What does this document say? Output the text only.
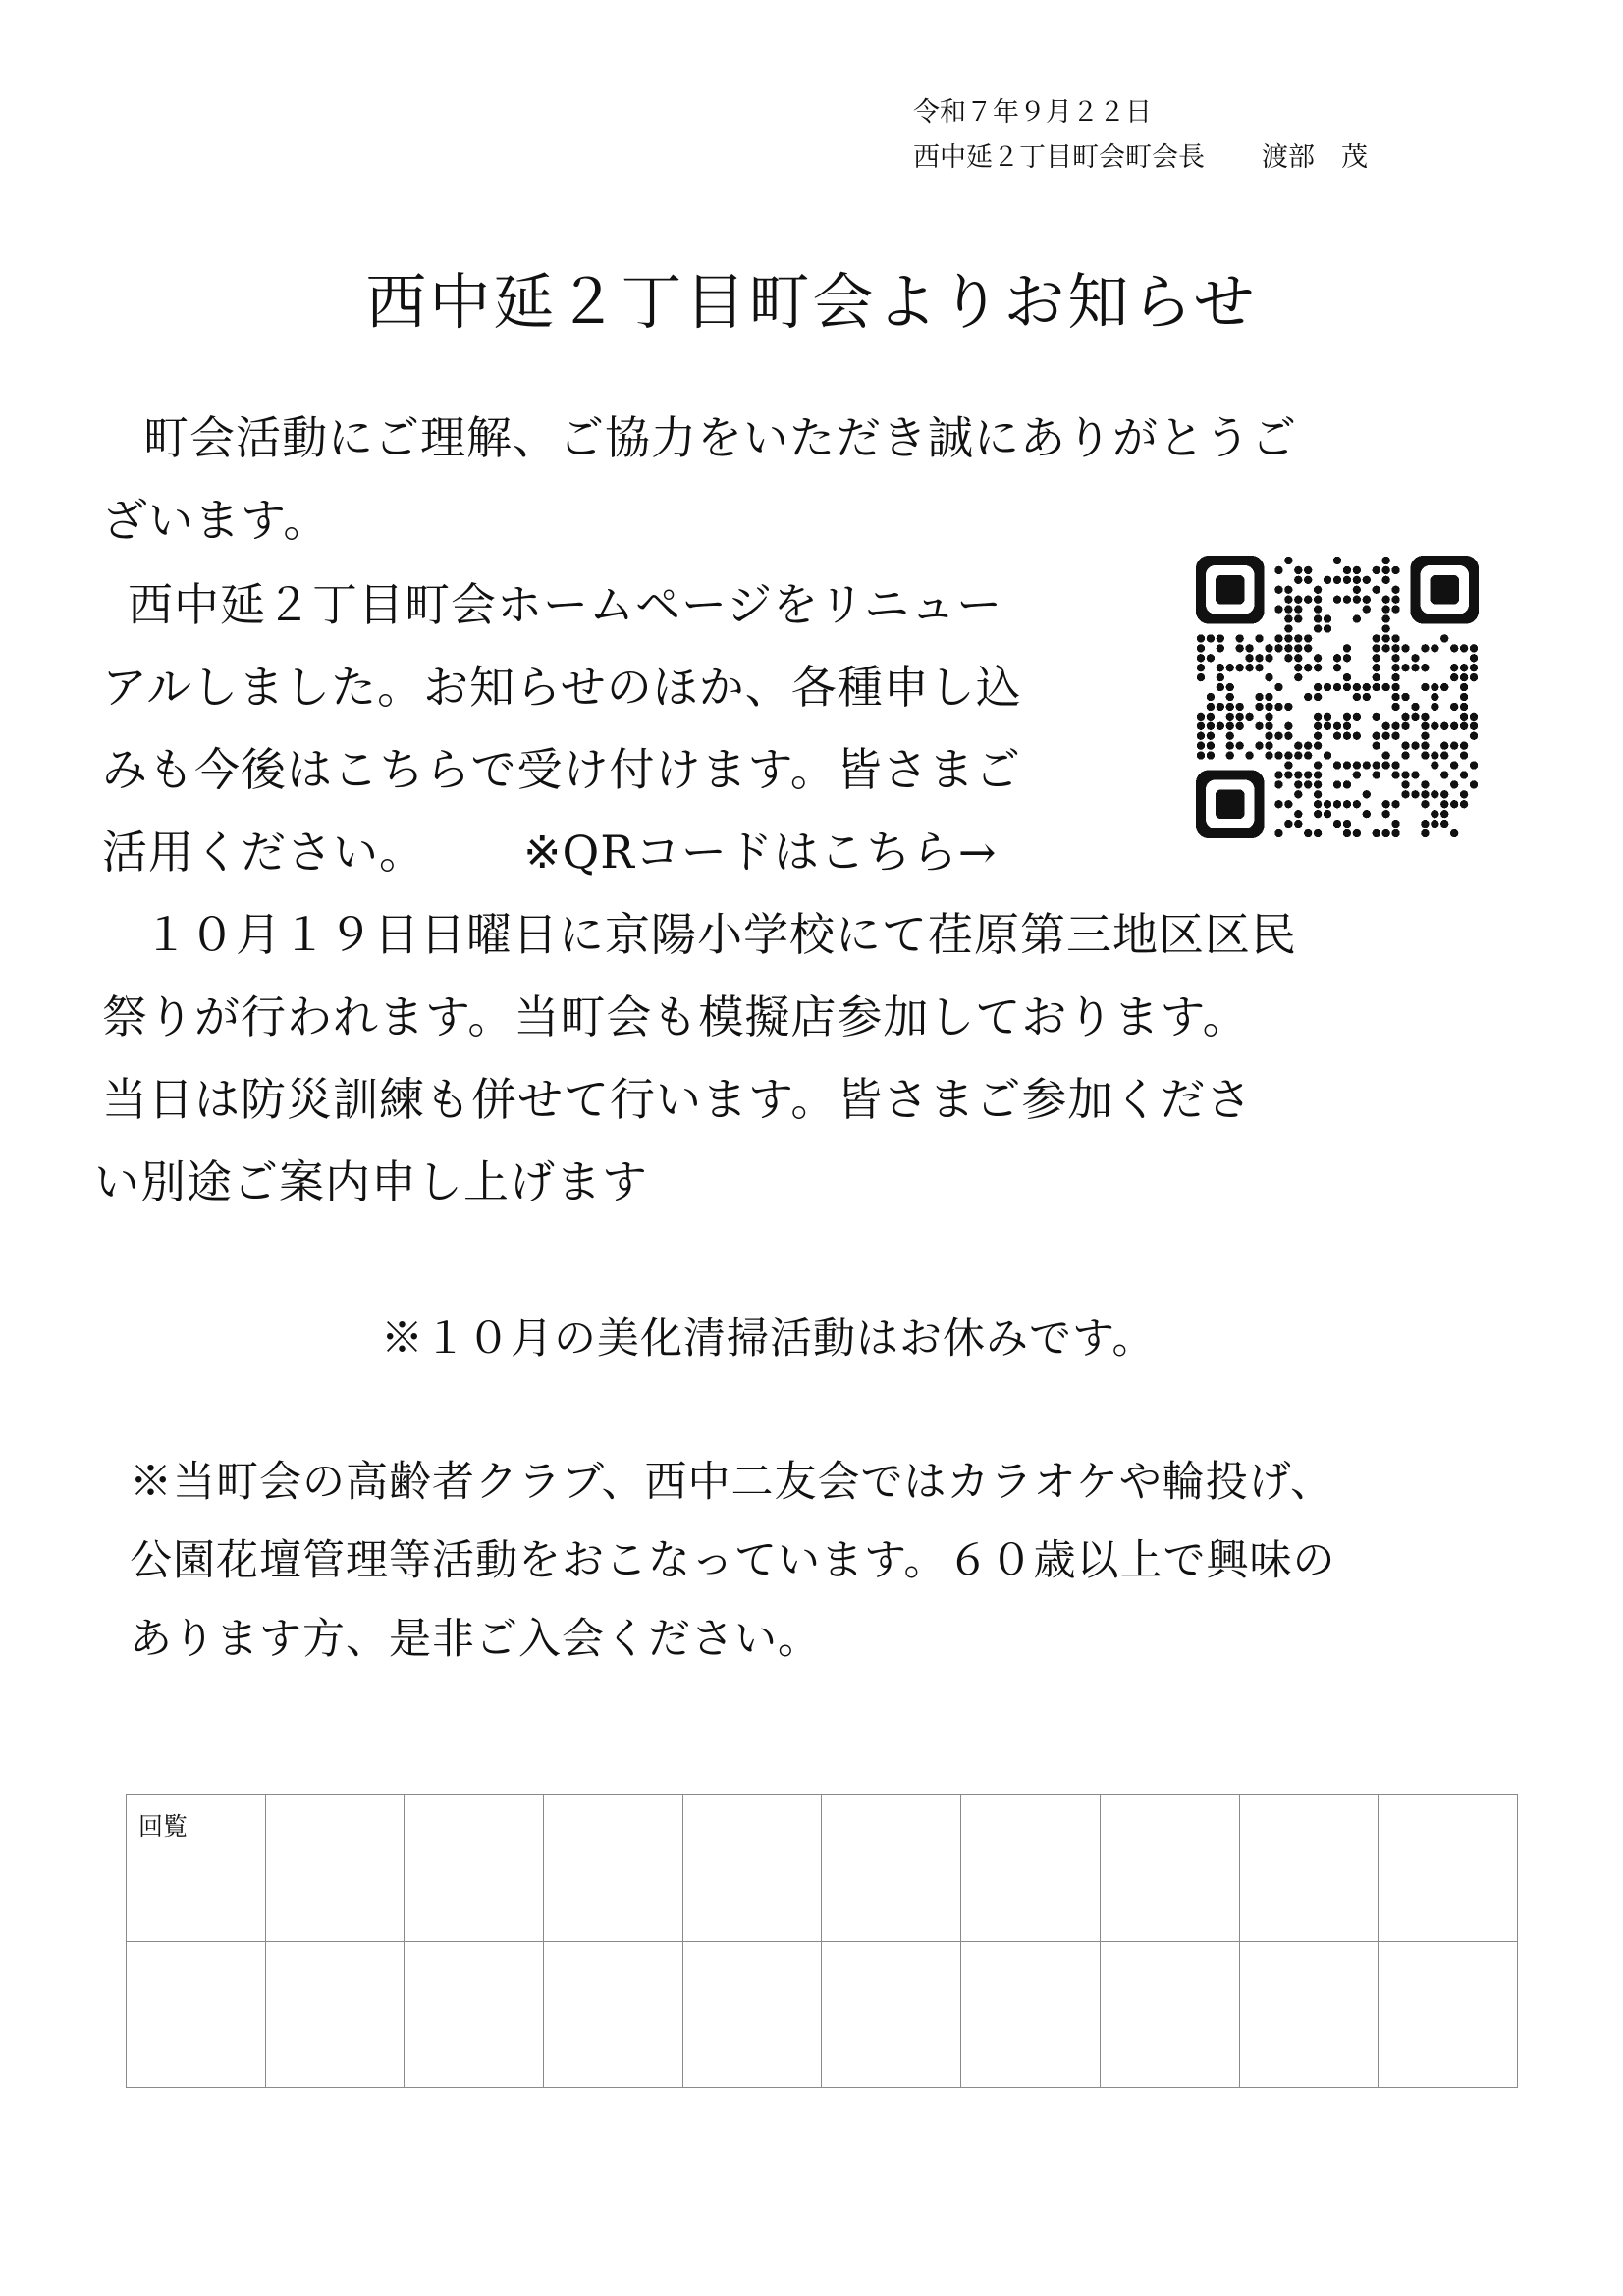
令和７年９月２２日
西中延２丁目町会町会長 渡部　茂
西中延２丁目町会よりお知らせ
町会活動にご理解、ご協力をいただき誠にありがとうご
ざいます。
西中延２丁目町会ホームページをリニュー
アルしました。お知らせのほか、各種申し込
みも今後はこちらで受け付けます。皆さまご
活用ください。 ※QRコードはこちら→
１０月１９日日曜日に京陽小学校にて荏原第三地区区民
祭りが行われます。当町会も模擬店参加しております。
当日は防災訓練も併せて行います。皆さまご参加くださ
い別途ご案内申し上げます
※１０月の美化清掃活動はお休みです。
※当町会の高齢者クラブ、西中二友会ではカラオケや輪投げ、
公園花壇管理等活動をおこなっています。６０歳以上で興味の
あります方、是非ご入会ください。
回覧									
